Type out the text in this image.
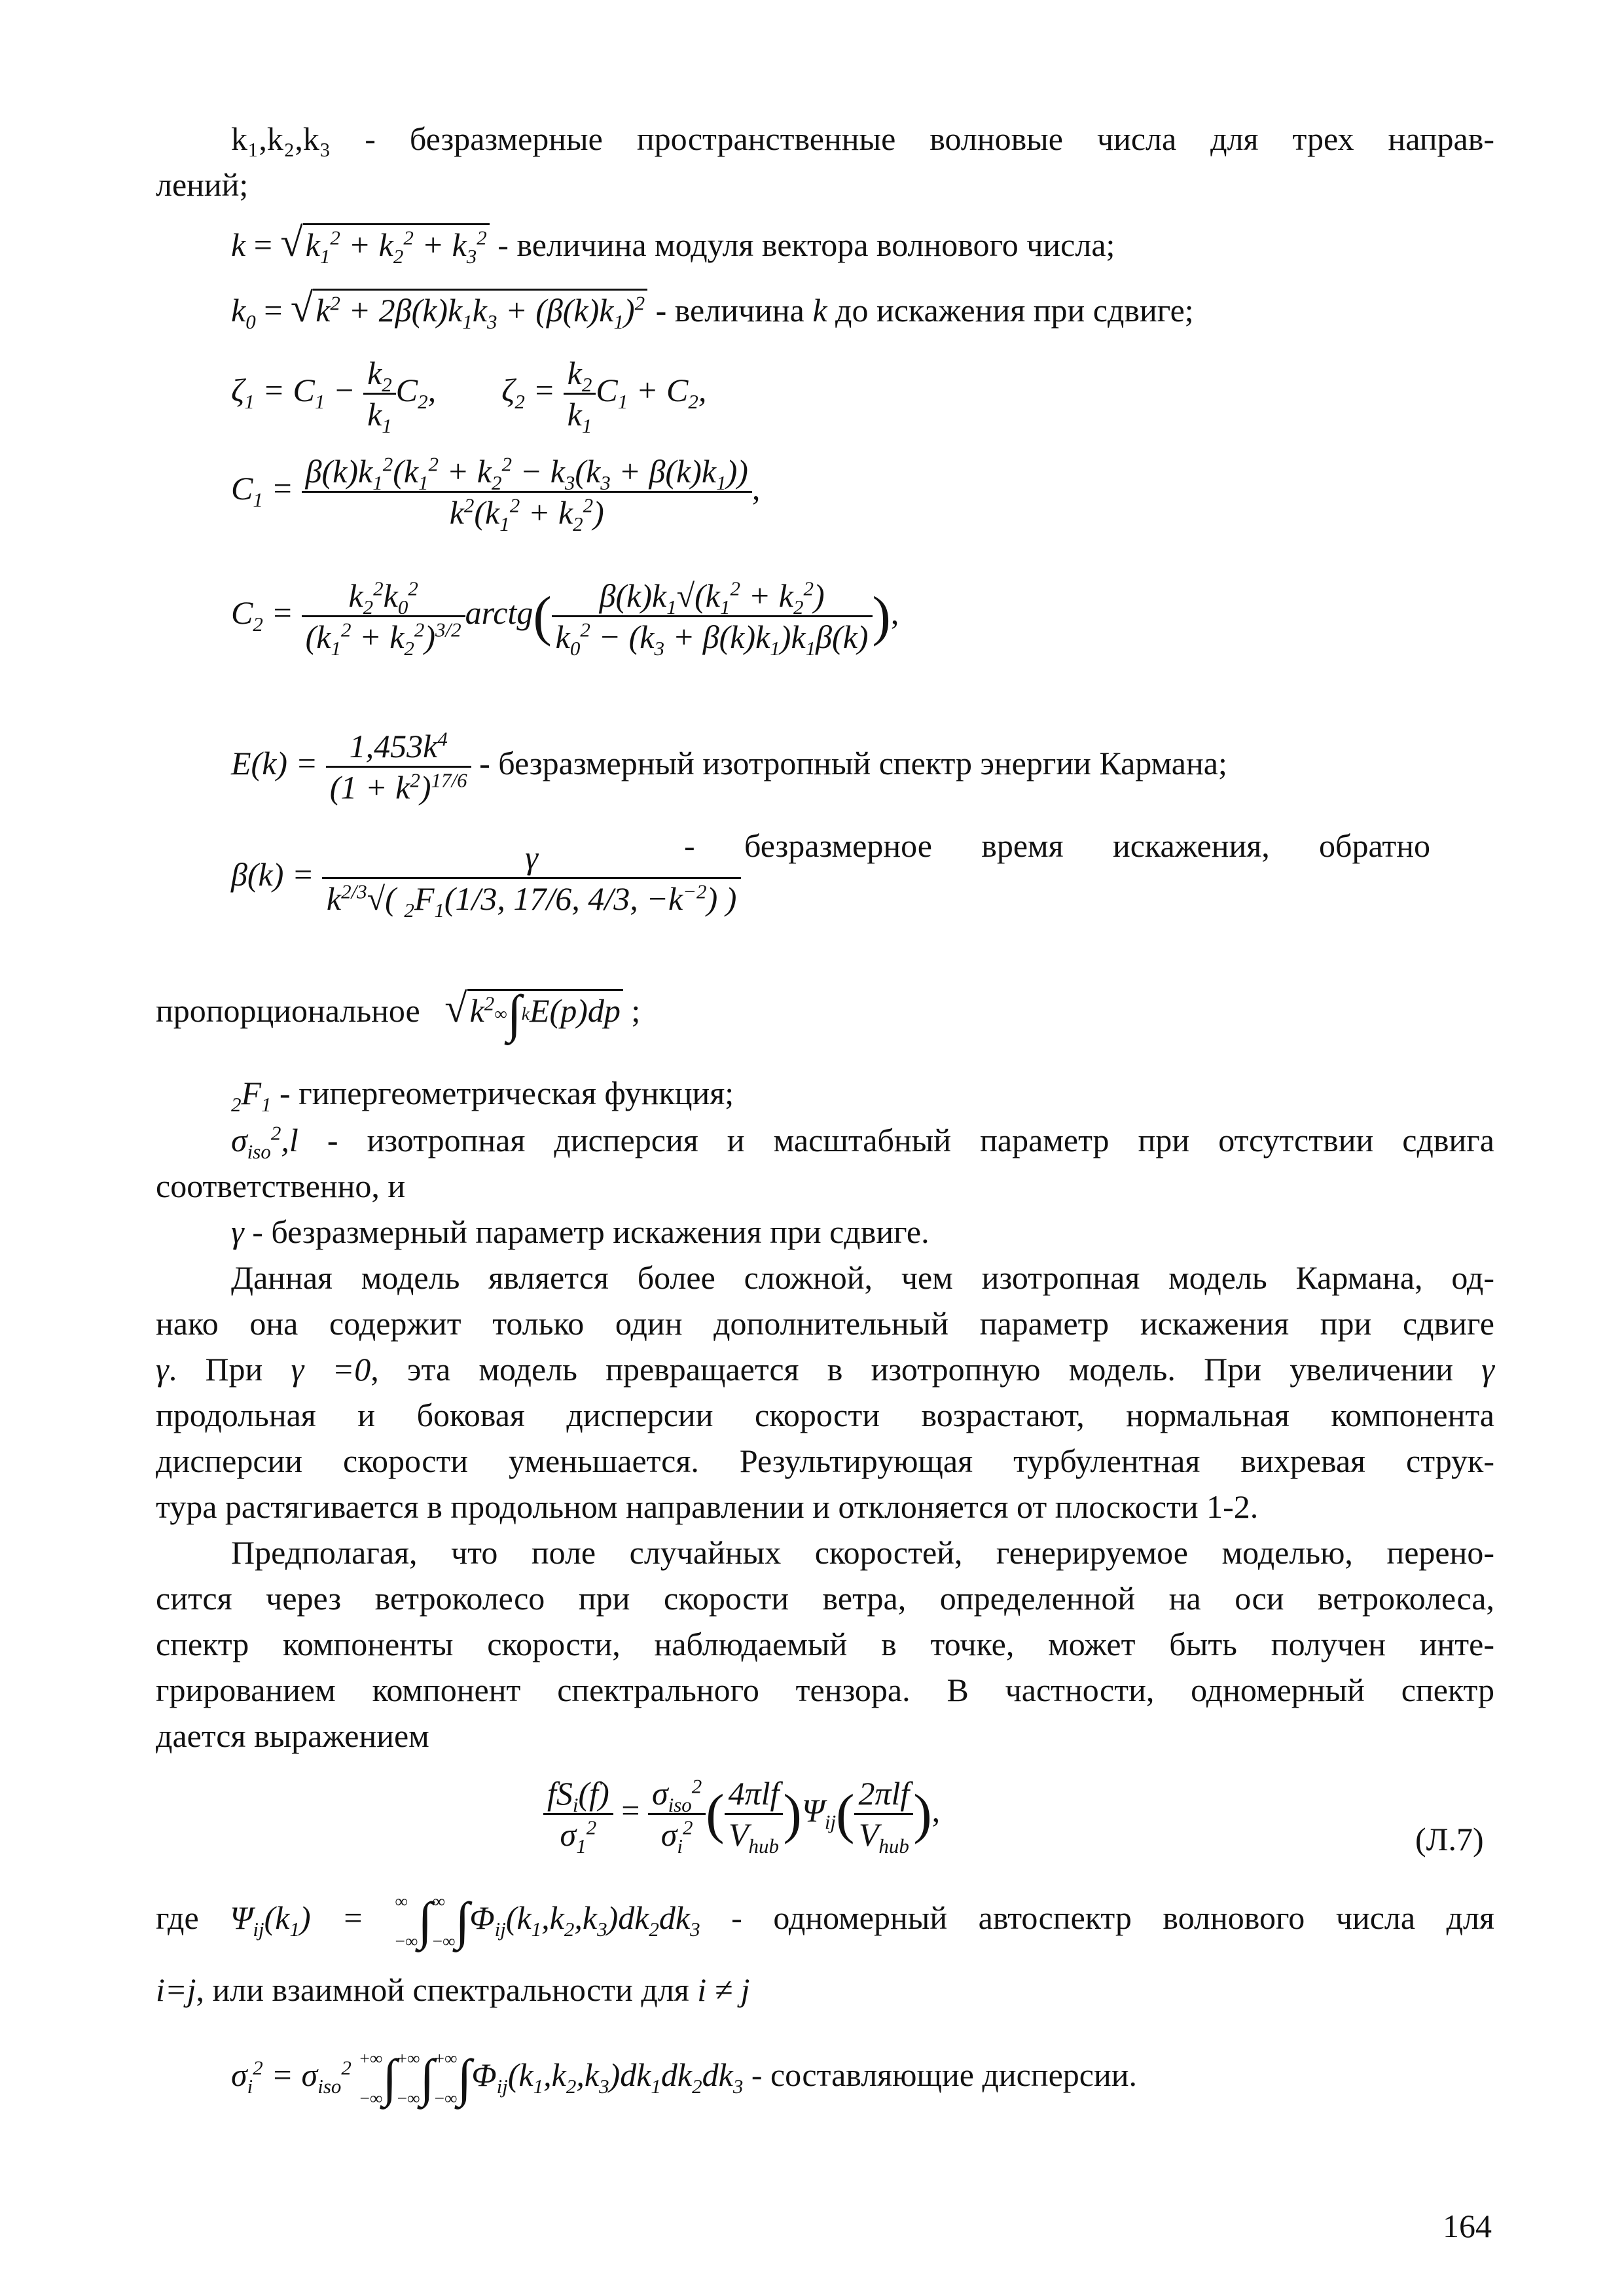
k₁,k₂,k₃ - безразмерные пространственные волновые числа для трех направ-
лений;
$k = √k_1^2 + k_2^2 + k_3^2$ - величина модуля вектора волнового числа;
$k_0 = √k^2 + 2\beta(k)k_1k_3 + (\beta(k)k_1)^2$ - величина k до искажения при сдвиге;
$\zeta_1 = C_1 - \frac{k_2}{k_1} C_2$, $\zeta_2 = \frac{k_2}{k_1} C_1 + C_2$,
$C_1 = \frac{\beta(k)k_1^2(k_1^2 + k_2^2 - k_3(k_3 + \beta(k)k_1))}{k^2(k_1^2 + k_2^2)}$ ,
$C_2 = \frac{k_2^2k_0^2}{(k_1^2 + k_2^2)^{3/2}}$ arctg( $\frac{\beta(k)k_1√(k_1^2 + k_2^2)}{k_0^2 - (k_3 + \beta(k)k_1)k_1\beta(k)}$ ),
$E(k) = \frac{1,453k^4}{(1 + k^2)^{17/6}}$ - безразмерный изотропный спектр энергии Кармана;
$\beta(k) = \frac{\gamma}{k^{2/3}√( _2F_1(1/3, 17/6, 4/3, -k^{-2}) )}$
- безразмерное время искажения, обратно
пропорциональное $√k^2\infty\int kE(p)dp$ ;
$_2F_1$ - гипергеометрическая функция;
$\sigma_{iso}^2,l$ - изотропная дисперсия и масштабный параметр при отсутствии сдвига
соответственно, и
γ - безразмерный параметр искажения при сдвиге.
Данная модель является более сложной, чем изотропная модель Кармана, од-
нако она содержит только один дополнительный параметр искажения при сдвиге
γ. При γ =0, эта модель превращается в изотропную модель. При увеличении γ
продольная и боковая дисперсии скорости возрастают, нормальная компонента
дисперсии скорости уменьшается. Результирующая турбулентная вихревая струк-
тура растягивается в продольном направлении и отклоняется от плоскости 1-2.
Предполагая, что поле случайных скоростей, генерируемое моделью, перено-
сится через ветроколесо при скорости ветра, определенной на оси ветроколеса,
спектр компоненты скорости, наблюдаемый в точке, может быть получен инте-
грированием компонент спектрального тензора. В частности, одномерный спектр
дается выражением
$\frac{fS_i(f)}{\sigma_1^2} = \frac{\sigma_{iso}^2}{\sigma_i^2}$ ( $\frac{\text{4πlf}}{V_{hub}} )\Psi_{ij}( \frac{\text{2πlf}}{V_{hub}}$ ),
(Л.7)
где $\Psi_{ij}(k_1)$ = ∞

−∞∫∞

$-\infty\int\Phi_{ij}(k_1,k_2,k_3)dk_2dk_3$ - одномерный автоспектр волнового числа для
i=j, или взаимной спектральности для i ≠ j
$\sigma_i^2 = \sigma_{iso}^2$ +∞

−∞∫+∞

−∞∫+∞

$-\infty\int\Phi_{ij}(k_1,k_2,k_3)dk_1dk_2dk_3$ - составляющие дисперсии.
164
